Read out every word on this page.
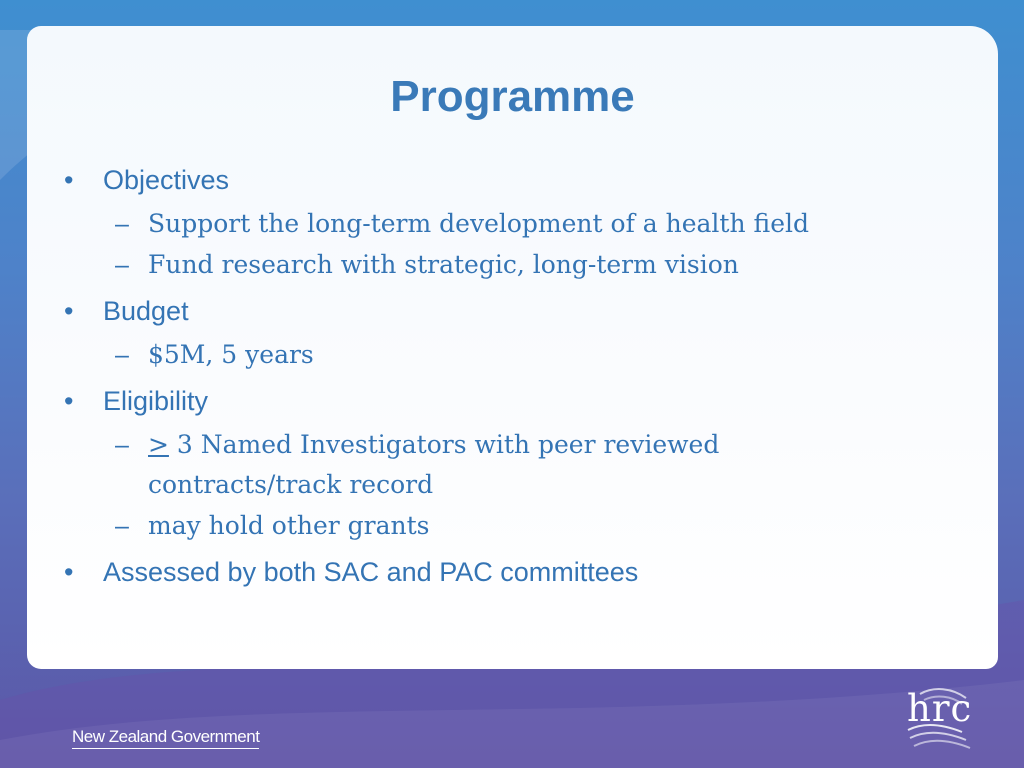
Programme
• Objectives
– Support the long-term development of a health field
– Fund research with strategic, long-term vision
• Budget
– $5M, 5 years
• Eligibility
– ≥ 3 Named Investigators with peer reviewed
contracts/track record
– may hold other grants
• Assessed by both SAC and PAC committees
New Zealand Government
hrc
